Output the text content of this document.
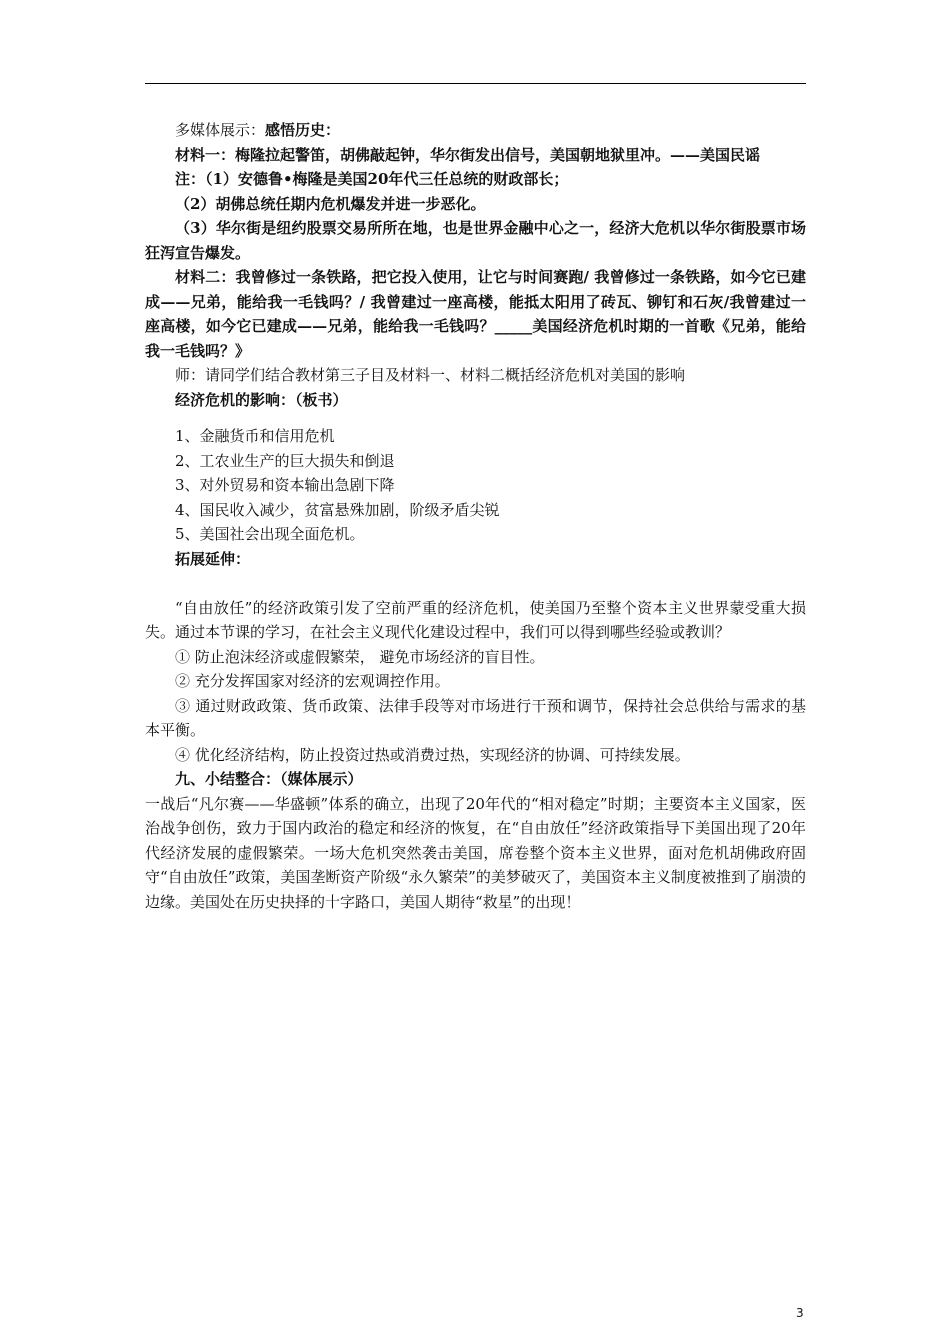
多媒体展示：感悟历史：

材料一：梅隆拉起警笛，胡佛敲起钟，华尔街发出信号，美国朝地狱里冲。——美国民谣

注：（1）安德鲁•梅隆是美国20年代三任总统的财政部长；

（2）胡佛总统任期内危机爆发并进一步恶化。

（3）华尔街是纽约股票交易所所在地，也是世界金融中心之一，经济大危机以华尔街股票市场狂泻宣告爆发。

材料二：我曾修过一条铁路，把它投入使用，让它与时间赛跑/ 我曾修过一条铁路，如今它已建成——兄弟，能给我一毛钱吗？/ 我曾建过一座高楼，能抵太阳用了砖瓦、铆钉和石灰/我曾建过一座高楼，如今它已建成——兄弟，能给我一毛钱吗？_____美国经济危机时期的一首歌《兄弟，能给我一毛钱吗？》

师：请同学们结合教材第三子目及材料一、材料二概括经济危机对美国的影响

经济危机的影响：（板书）

1、金融货币和信用危机

2、工农业生产的巨大损失和倒退

3、对外贸易和资本输出急剧下降

4、国民收入减少，贫富悬殊加剧，阶级矛盾尖锐

5、美国社会出现全面危机。

拓展延伸：

“自由放任”的经济政策引发了空前严重的经济危机，使美国乃至整个资本主义世界蒙受重大损失。通过本节课的学习，在社会主义现代化建设过程中，我们可以得到哪些经验或教训？

① 防止泡沫经济或虚假繁荣， 避免市场经济的盲目性。

② 充分发挥国家对经济的宏观调控作用。

③ 通过财政政策、货币政策、法律手段等对市场进行干预和调节，保持社会总供给与需求的基本平衡。

④ 优化经济结构，防止投资过热或消费过热，实现经济的协调、可持续发展。

九、小结整合：（媒体展示）

一战后“凡尔赛——华盛顿”体系的确立，出现了20年代的“相对稳定”时期；主要资本主义国家，医治战争创伤，致力于国内政治的稳定和经济的恢复，在“自由放任”经济政策指导下美国出现了20年代经济发展的虚假繁荣。一场大危机突然袭击美国，席卷整个资本主义世界，面对危机胡佛政府固守“自由放任”政策，美国垄断资产阶级“永久繁荣”的美梦破灭了，美国资本主义制度被推到了崩溃的边缘。美国处在历史抉择的十字路口，美国人期待“救星”的出现！

3
